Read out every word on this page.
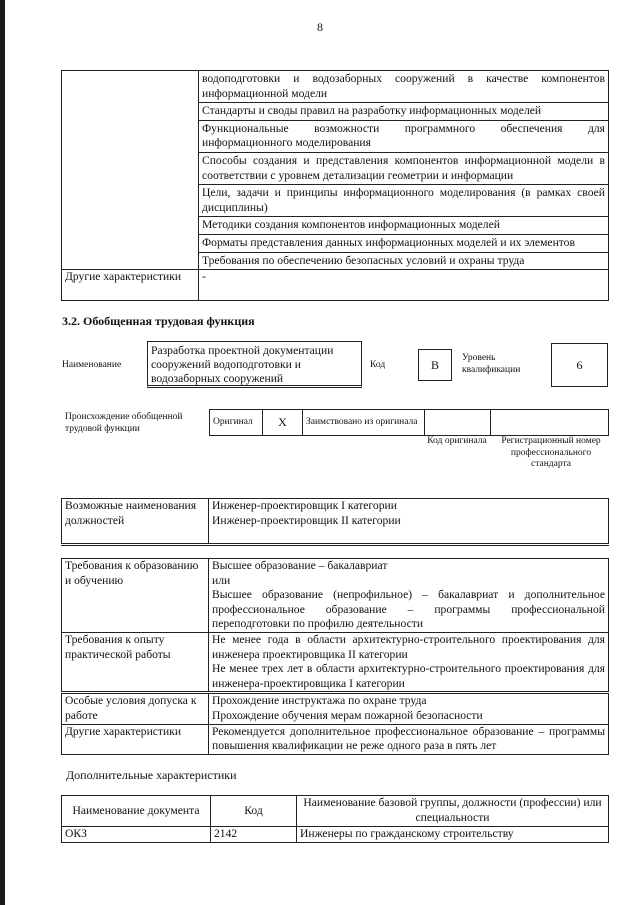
8

водоподготовки и водозаборных сооружений в качестве компонентов информационной модели
Стандарты и своды правил на разработку информационных моделей
Функциональные возможности программного обеспечения для информационного моделирования
Способы создания и представления компонентов информационной модели в соответствии с уровнем детализации геометрии и информации
Цели, задачи и принципы информационного моделирования (в рамках своей дисциплины)
Методики создания компонентов информационных моделей
Форматы представления данных информационных моделей и их элементов
Требования по обеспечению безопасных условий и охраны труда

Другие характеристики	-
3.2. Обобщенная трудовая функция
Наименование
Разработка проектной документации сооружений водоподготовки и водозаборных сооружений
Код	В	Уровень квалификации	6
Происхождение обобщенной трудовой функции
Оригинал	X	Заимствовано из оригинала		
Код оригинала	Регистрационный номер профессионального стандарта
Возможные наименования должностей	
Инженер-проектировщик I категории
Инженер-проектировщик II категории
Требования к образованию и обучению	Высшее образование – бакалавриат
или
Высшее образование (непрофильное) – бакалавриат и дополнительное профессиональное образование – программы профессиональной переподготовки по профилю деятельности

Требования к опыту практической работы	Не менее года в области архитектурно-строительного проектирования для инженера проектировщика II категории
Не менее трех лет в области архитектурно-строительного проектирования для инженера-проектировщика I категории

Особые условия допуска к работе	Прохождение инструктажа по охране труда
Прохождение обучения мерам пожарной безопасности

Другие характеристики	Рекомендуется дополнительное профессиональное образование – программы повышения квалификации не реже одного раза в пять лет
Дополнительные характеристики
Наименование документа	Код	Наименование базовой группы, должности (профессии) или специальности
ОКЗ	2142	Инженеры по гражданскому строительству
